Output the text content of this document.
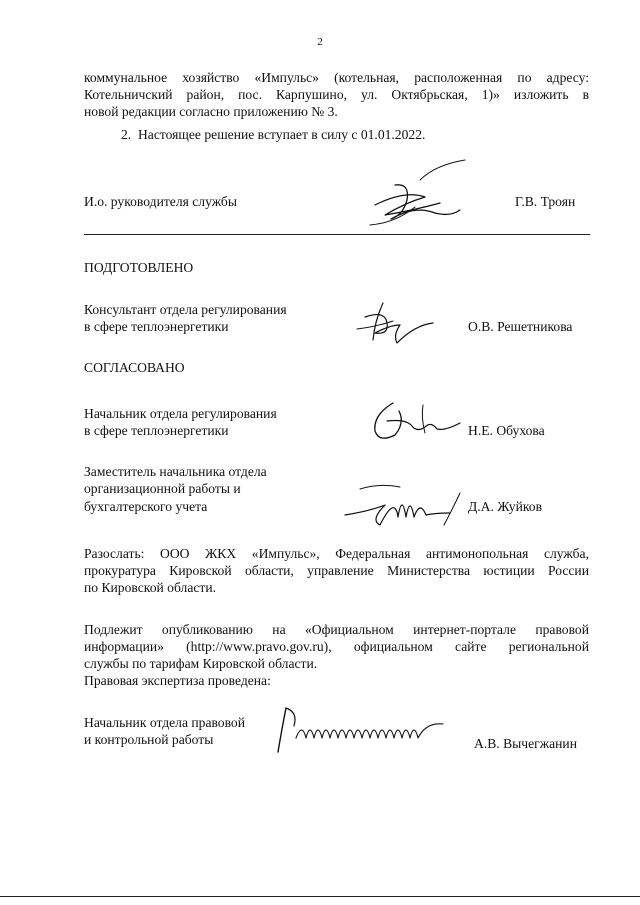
2
коммунальное хозяйство «Импульс» (котельная, расположенная по адресу:
Котельничский район, пос. Карпушино, ул. Октябрьская, 1)» изложить в
новой редакции согласно приложению № 3.
2.  Настоящее решение вступает в силу с 01.01.2022.
И.о. руководителя службы	Г.В. Троян
ПОДГОТОВЛЕНО
Консультант отдела регулирования
в сфере теплоэнергетики	О.В. Решетникова
СОГЛАСОВАНО
Начальник отдела регулирования
в сфере теплоэнергетики	Н.Е. Обухова
Заместитель начальника отдела
организационной работы и
бухгалтерского учета	Д.А. Жуйков
Разослать: ООО ЖКХ «Импульс», Федеральная антимонопольная служба,
прокуратура Кировской области, управление Министерства юстиции России
по Кировской области.
Подлежит опубликованию на «Официальном интернет-портале правовой
информации» (http://www.pravo.gov.ru), официальном сайте региональной
службы по тарифам Кировской области.
Правовая экспертиза проведена:
Начальник отдела правовой
и контрольной работы	А.В. Вычегжанин
